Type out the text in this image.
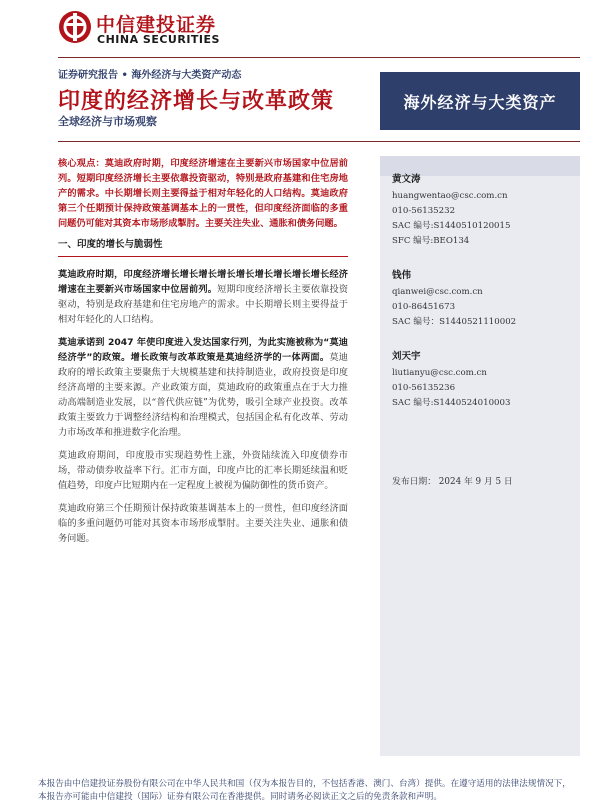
中信建投证券
CHINA SECURITIES
证券研究报告 • 海外经济与大类资产动态
印度的经济增长与改革政策
全球经济与市场观察
海外经济与大类资产

核心观点：莫迪政府时期，印度经济增速在主要新兴市场国家中位居前列。短期印度经济增长主要依靠投资驱动，特别是政府基建和住宅房地产的需求。中长期增长则主要得益于相对年轻化的人口结构。莫迪政府第三个任期预计保持政策基调基本上的一贯性，但印度经济面临的多重问题仍可能对其资本市场形成掣肘。主要关注失业、通胀和债务问题。

一、印度的增长与脆弱性

莫迪政府时期，印度经济增长增长增长增长增长增长增长增长增长经济增速在主要新兴市场国家中位居前列。短期印度经济增长主要依靠投资驱动，特别是政府基建和住宅房地产的需求。中长期增长则主要得益于相对年轻化的人口结构。

莫迪承诺到 2047 年使印度进入发达国家行列，为此实施被称为“莫迪经济学”的政策。增长政策与改革政策是莫迪经济学的一体两面。莫迪政府的增长政策主要聚焦于大规模基建和扶持制造业，政府投资是印度经济高增的主要来源。产业政策方面，莫迪政府的政策重点在于大力推动高端制造业发展，以“普代供应链”为优势，吸引全球产业投资。改革政策主要致力于调整经济结构和治理模式，包括国企私有化改革、劳动力市场改革和推进数字化治理。

莫迪政府期间，印度股市实现趋势性上涨，外资陆续流入印度债券市场，带动债券收益率下行。汇市方面，印度卢比的汇率长期延续温和贬值趋势，印度卢比短期内在一定程度上被视为偏防御性的货币资产。

莫迪政府第三个任期预计保持政策基调基本上的一贯性，但印度经济面临的多重问题仍可能对其资本市场形成掣肘。主要关注失业、通胀和债务问题。

黄文涛
huangwentao@csc.com.cn
010-56135232
SAC 编号:S1440510120015
SFC 编号:BEO134
钱伟
qianwei@csc.com.cn
010-86451673
SAC 编号：S1440521110002
刘天宇
liutianyu@csc.com.cn
010-56135236
SAC 编号:S1440524010003
发布日期： 2024 年 9 月 5 日
本报告由中信建投证券股份有限公司在中华人民共和国（仅为本报告目的，不包括香港、澳门、台湾）提供。在遵守适用的法律法规情况下，本报告亦可能由中信建投（国际）证券有限公司在香港提供。同时请务必阅读正文之后的免责条款和声明。
